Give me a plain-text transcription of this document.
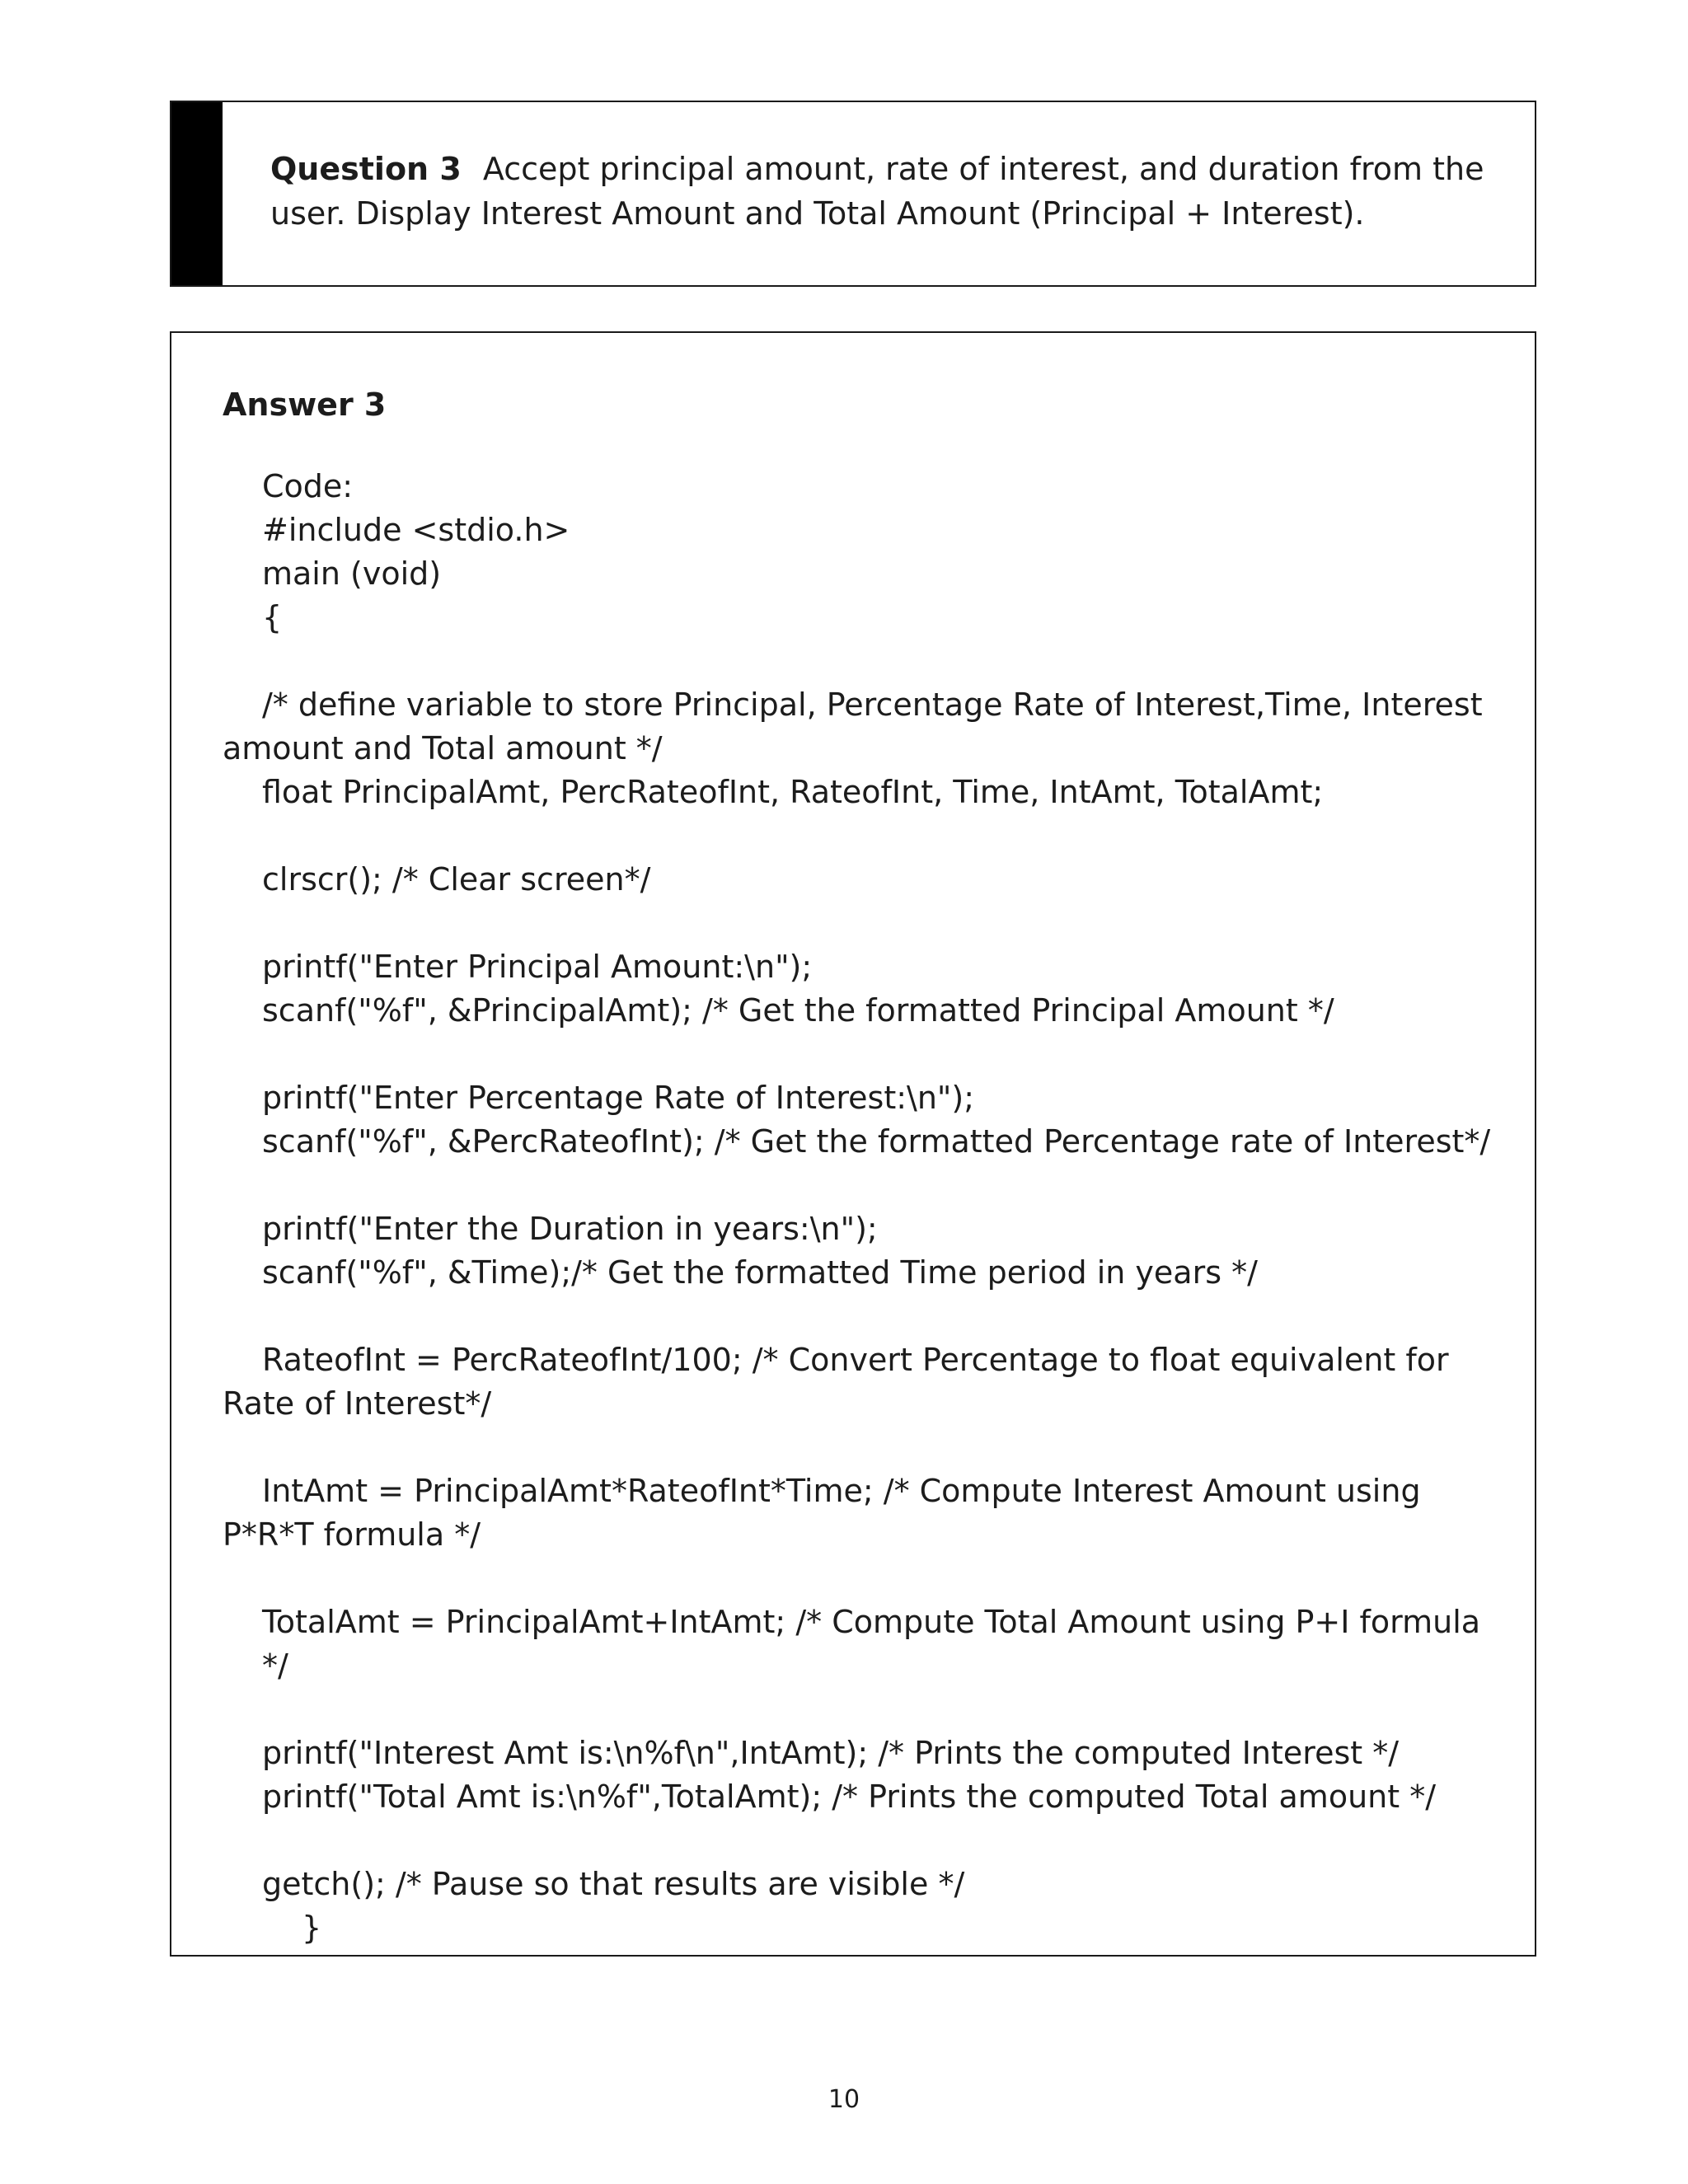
Question 3 Accept principal amount, rate of interest, and duration from the user. Display Interest Amount and Total Amount (Principal + Interest).
Answer 3
Code:
#include <stdio.h>
main (void)
{
/* define variable to store Principal, Percentage Rate of Interest,Time, Interest amount and Total amount */
float PrincipalAmt, PercRateofInt, RateofInt, Time, IntAmt, TotalAmt;
clrscr(); /* Clear screen*/
printf("Enter Principal Amount:\n");
scanf("%f", &PrincipalAmt); /* Get the formatted Principal Amount */
printf("Enter Percentage Rate of Interest:\n");
scanf("%f", &PercRateofInt); /* Get the formatted Percentage rate of Interest*/
printf("Enter the Duration in years:\n");
scanf("%f", &Time);/* Get the formatted Time period in years */
RateofInt = PercRateofInt/100; /* Convert Percentage to float equivalent for Rate of Interest*/
IntAmt = PrincipalAmt*RateofInt*Time; /* Compute Interest Amount using P*R*T formula */
TotalAmt = PrincipalAmt+IntAmt; /* Compute Total Amount using P+I formula */
printf("Interest Amt is:\n%f\n",IntAmt); /* Prints the computed Interest */
printf("Total Amt is:\n%f",TotalAmt); /* Prints the computed Total amount */
getch(); /* Pause so that results are visible */
}
10
